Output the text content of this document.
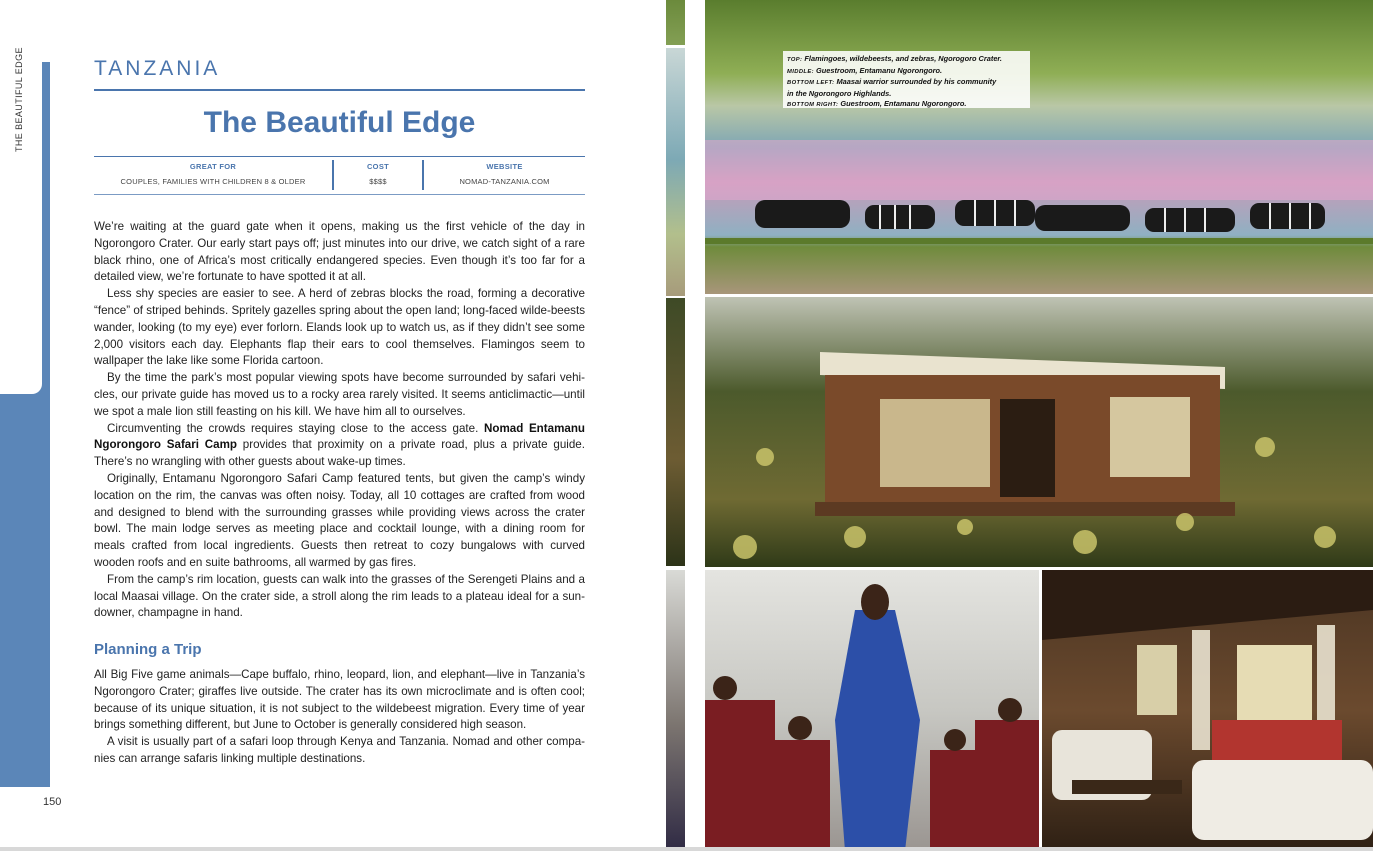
THE BEAUTIFUL EDGE
150
TANZANIA
The Beautiful Edge
GREAT FOR
COUPLES, FAMILIES WITH CHILDREN 8 & OLDER
COST
$$$$
WEBSITE
NOMAD-TANZANIA.COM

We’re waiting at the guard gate when it opens, making us the first vehicle of the day in Ngorongoro Crater. Our early start pays off; just minutes into our drive, we catch sight of a rare black rhino, one of Africa’s most critically endangered species. Even though it’s too far for a detailed view, we’re fortunate to have spotted it at all.

Less shy species are easier to see. A herd of zebras blocks the road, forming a decorative “fence” of striped behinds. Spritely gazelles spring about the open land; long-faced wilde-beests wander, looking (to my eye) ever forlorn. Elands look up to watch us, as if they didn’t see some 2,000 visitors each day. Elephants flap their ears to cool themselves. Flamingos seem to wallpaper the lake like some Florida cartoon.

By the time the park’s most popular viewing spots have become surrounded by safari vehi-cles, our private guide has moved us to a rocky area rarely visited. It seems anticlimactic—until we spot a male lion still feasting on his kill. We have him all to ourselves.

Circumventing the crowds requires staying close to the access gate. Nomad Entamanu Ngorongoro Safari Camp provides that proximity on a private road, plus a private guide. There’s no wrangling with other guests about wake-up times.

Originally, Entamanu Ngorongoro Safari Camp featured tents, but given the camp’s windy location on the rim, the canvas was often noisy. Today, all 10 cottages are crafted from wood and designed to blend with the surrounding grasses while providing views across the crater bowl. The main lodge serves as meeting place and cocktail lounge, with a dining room for meals crafted from local ingredients. Guests then retreat to cozy bungalows with curved wooden roofs and en suite bathrooms, all warmed by gas fires.

From the camp’s rim location, guests can walk into the grasses of the Serengeti Plains and a local Maasai village. On the crater side, a stroll along the rim leads to a plateau ideal for a sun-downer, champagne in hand.

Planning a Trip

All Big Five game animals—Cape buffalo, rhino, leopard, lion, and elephant—live in Tanzania’s Ngorongoro Crater; giraffes live outside. The crater has its own microclimate and is often cool; because of its unique situation, it is not subject to the wildebeest migration. Every time of year brings something different, but June to October is generally considered high season.

A visit is usually part of a safari loop through Kenya and Tanzania. Nomad and other compa-nies can arrange safaris linking multiple destinations.

TOP: Flamingoes, wildebeests, and zebras, Ngorogoro Crater.
MIDDLE: Guestroom, Entamanu Ngorongoro.
BOTTOM LEFT: Maasai warrior surrounded by his community
in the Ngorongoro Highlands.
BOTTOM RIGHT: Guestroom, Entamanu Ngorongoro.
